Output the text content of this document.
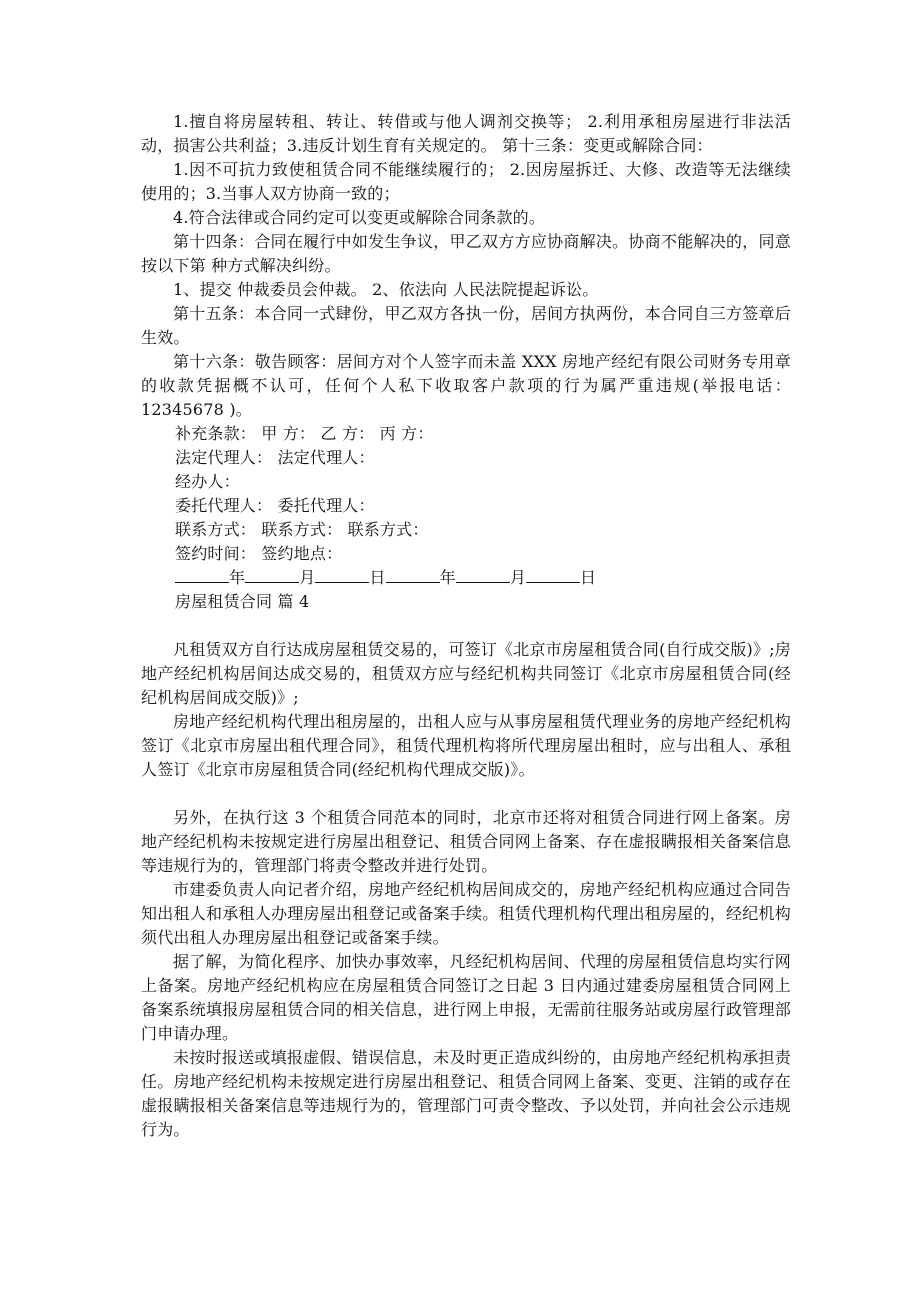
1.擅自将房屋转租、转让、转借或与他人调剂交换等； 2.利用承租房屋进行非法活动，损害公共利益；3.违反计划生育有关规定的。 第十三条：变更或解除合同：

1.因不可抗力致使租赁合同不能继续履行的； 2.因房屋拆迁、大修、改造等无法继续使用的；3.当事人双方协商一致的；

4.符合法律或合同约定可以变更或解除合同条款的。

第十四条：合同在履行中如发生争议，甲乙双方方应协商解决。协商不能解决的，同意按以下第 种方式解决纠纷。

1、提交 仲裁委员会仲裁。 2、依法向 人民法院提起诉讼。

第十五条：本合同一式肆份，甲乙双方各执一份，居间方执两份，本合同自三方签章后生效。

第十六条：敬告顾客：居间方对个人签字而未盖 XXX 房地产经纪有限公司财务专用章的收款凭据概不认可，任何个人私下收取客户款项的行为属严重违规(举报电话： 12345678 )。

补充条款： 甲 方： 乙 方： 丙 方：

法定代理人： 法定代理人：

经办人：

委托代理人： 委托代理人：

联系方式： 联系方式： 联系方式：

签约时间： 签约地点：

年	月	日	年	月	日

房屋租赁合同 篇 4

凡租赁双方自行达成房屋租赁交易的，可签订《北京市房屋租赁合同(自行成交版)》;房地产经纪机构居间达成交易的，租赁双方应与经纪机构共同签订《北京市房屋租赁合同(经纪机构居间成交版)》;

房地产经纪机构代理出租房屋的，出租人应与从事房屋租赁代理业务的房地产经纪机构签订《北京市房屋出租代理合同》，租赁代理机构将所代理房屋出租时，应与出租人、承租人签订《北京市房屋租赁合同(经纪机构代理成交版)》。

另外，在执行这 3 个租赁合同范本的同时，北京市还将对租赁合同进行网上备案。房地产经纪机构未按规定进行房屋出租登记、租赁合同网上备案、存在虚报瞒报相关备案信息等违规行为的，管理部门将责令整改并进行处罚。

市建委负责人向记者介绍，房地产经纪机构居间成交的，房地产经纪机构应通过合同告知出租人和承租人办理房屋出租登记或备案手续。租赁代理机构代理出租房屋的，经纪机构须代出租人办理房屋出租登记或备案手续。

据了解，为简化程序、加快办事效率，凡经纪机构居间、代理的房屋租赁信息均实行网上备案。房地产经纪机构应在房屋租赁合同签订之日起 3 日内通过建委房屋租赁合同网上备案系统填报房屋租赁合同的相关信息，进行网上申报，无需前往服务站或房屋行政管理部门申请办理。

未按时报送或填报虚假、错误信息，未及时更正造成纠纷的，由房地产经纪机构承担责任。房地产经纪机构未按规定进行房屋出租登记、租赁合同网上备案、变更、注销的或存在虚报瞒报相关备案信息等违规行为的，管理部门可责令整改、予以处罚，并向社会公示违规行为。
